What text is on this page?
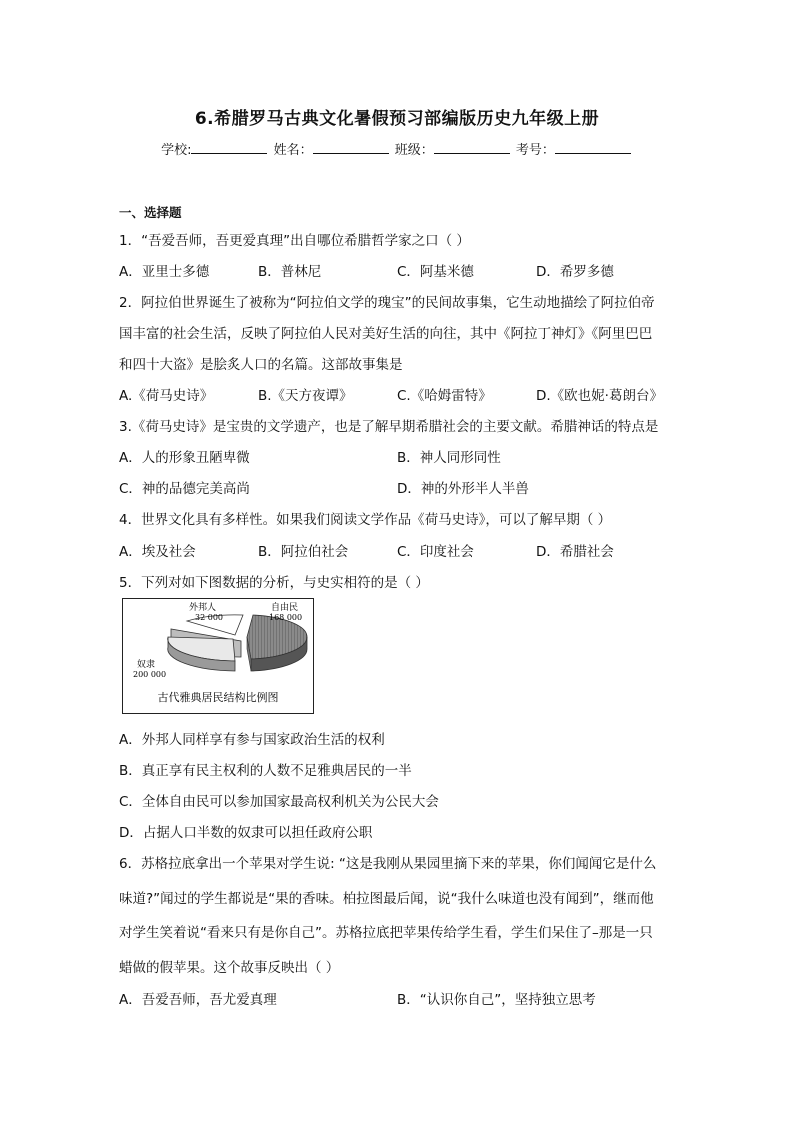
6.希腊罗马古典文化暑假预习部编版历史九年级上册
学校:	姓名：	班级：	考号：
一、选择题
1．“吾爱吾师，吾更爱真理”出自哪位希腊哲学家之口（ ）
A．亚里士多德	B．普林尼	C．阿基米德	D．希罗多德
2．阿拉伯世界诞生了被称为“阿拉伯文学的瑰宝”的民间故事集，它生动地描绘了阿拉伯帝
国丰富的社会生活，反映了阿拉伯人民对美好生活的向往，其中《阿拉丁神灯》《阿里巴巴
和四十大盗》是脍炙人口的名篇。这部故事集是
A.《荷马史诗》	B.《天方夜谭》	C.《哈姆雷特》	D.《欧也妮·葛朗台》
3.《荷马史诗》是宝贵的文学遗产，也是了解早期希腊社会的主要文献。希腊神话的特点是
A．人的形象丑陋卑微	B．神人同形同性
C．神的品德完美高尚	D．神的外形半人半兽
4．世界文化具有多样性。如果我们阅读文学作品《荷马史诗》，可以了解早期（ ）
A．埃及社会	B．阿拉伯社会	C．印度社会	D．希腊社会
5．下列对如下图数据的分析，与史实相符的是（ ）
外邦人
32 000
自由民
168 000
奴隶
200 000
古代雅典居民结构比例图
A．外邦人同样享有参与国家政治生活的权利
B．真正享有民主权利的人数不足雅典居民的一半
C．全体自由民可以参加国家最高权利机关为公民大会
D．占据人口半数的奴隶可以担任政府公职
6．苏格拉底拿出一个苹果对学生说: “这是我刚从果园里摘下来的苹果，你们闻闻它是什么
味道?”闻过的学生都说是“果的香味。柏拉图最后闻，说“我什么味道也没有闻到”，继而他
对学生笑着说“看来只有是你自己”。苏格拉底把苹果传给学生看，学生们呆住了–那是一只
蜡做的假苹果。这个故事反映出（ ）
A．吾爱吾师，吾尤爱真理	B．“认识你自己”，坚持独立思考
